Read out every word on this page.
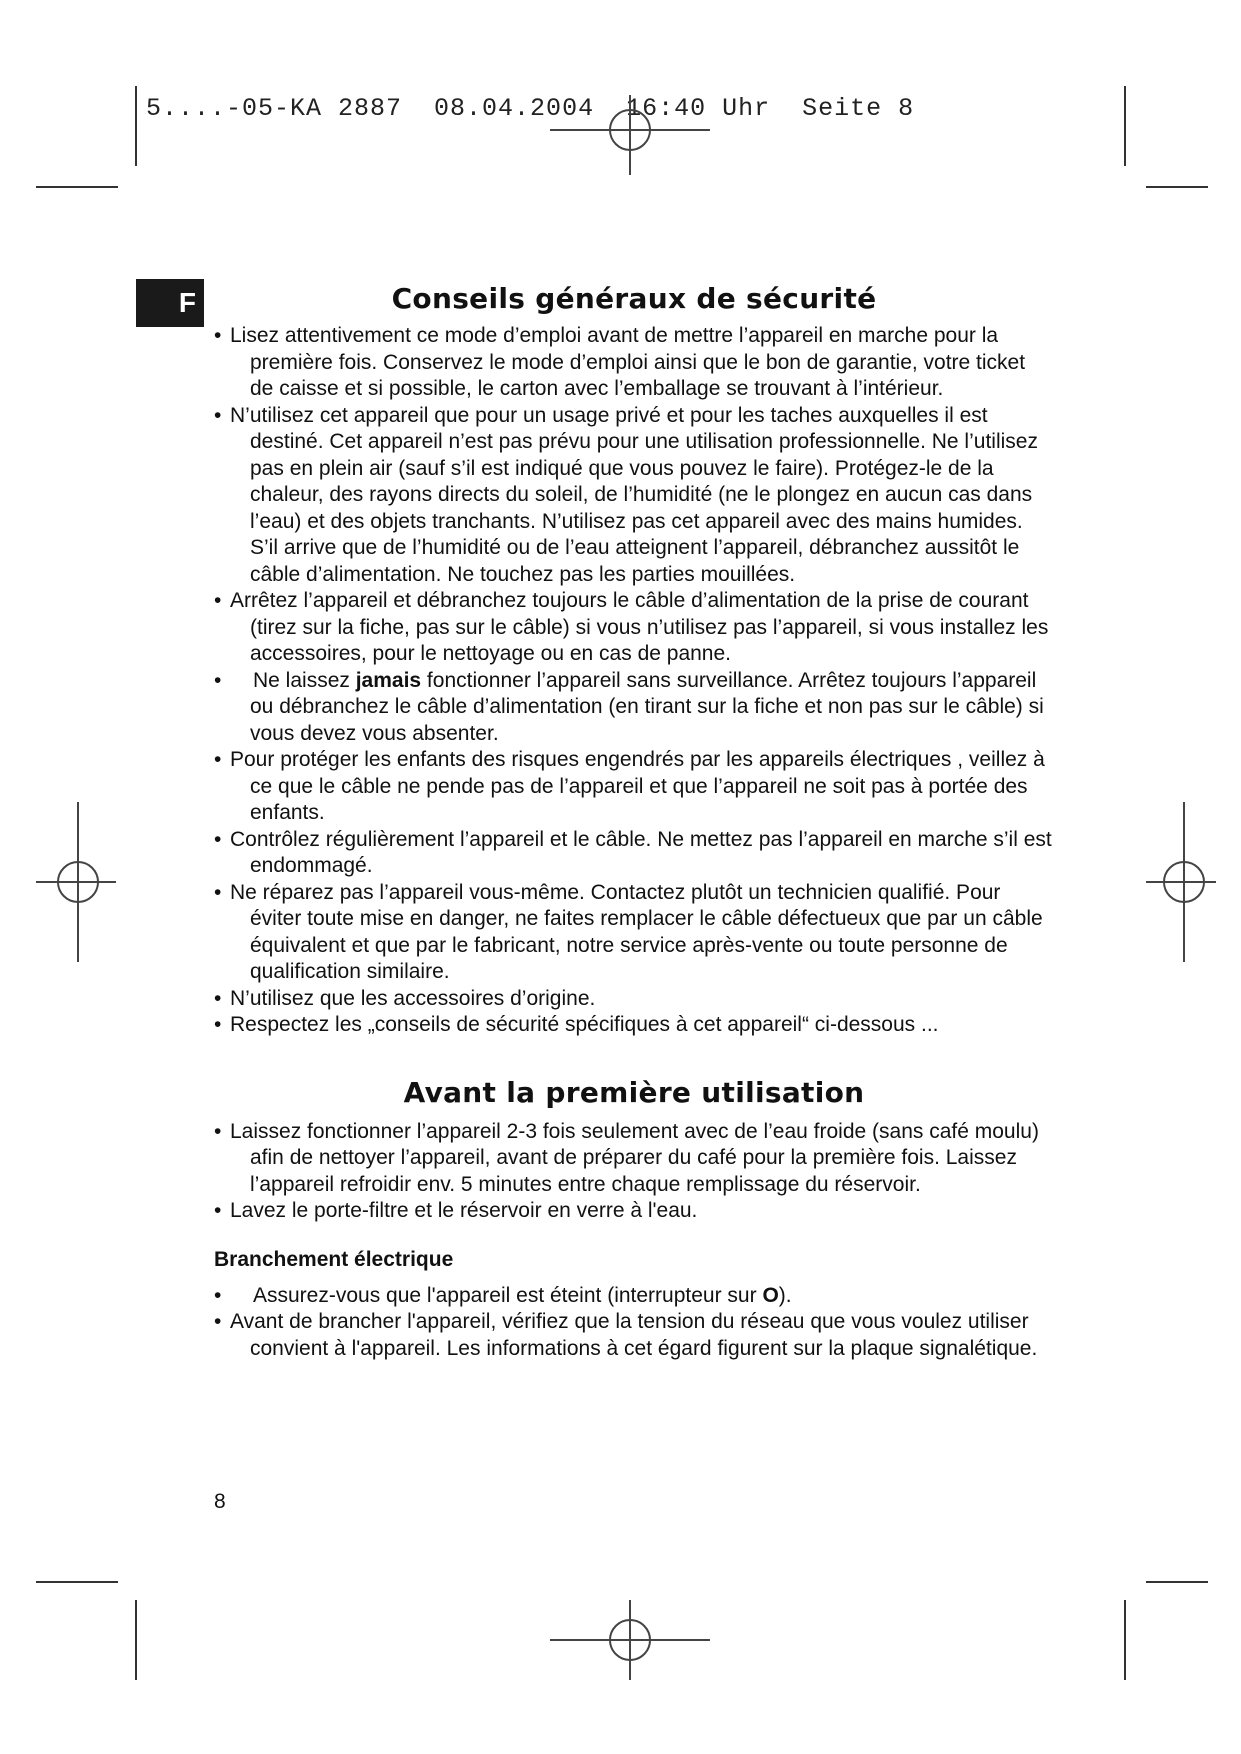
5....-05-KA 2887  08.04.2004  16:40 Uhr  Seite 8
F	Conseils généraux de sécurité
• Lisez attentivement ce mode d’emploi avant de mettre l’appareil en marche pour la première fois. Conservez le mode d’emploi ainsi que le bon de garantie, votre ticket de caisse et si possible, le carton avec l’emballage se trouvant à l’intérieur.
• N’utilisez cet appareil que pour un usage privé et pour les taches auxquelles il est destiné. Cet appareil n’est pas prévu pour une utilisation professionnelle. Ne l’utilisez pas en plein air (sauf s’il est indiqué que vous pouvez le faire). Protégez-le de la chaleur, des rayons directs du soleil, de l’humidité (ne le plongez en aucun cas dans l’eau) et des objets tranchants. N’utilisez pas cet appareil avec des mains humides. S’il arrive que de l’humidité ou de l’eau atteignent l’appareil, débranchez aussitôt le câble d’alimentation. Ne touchez pas les parties mouillées.
• Arrêtez l’appareil et débranchez toujours le câble d’alimentation de la prise de courant (tirez sur la fiche, pas sur le câble) si vous n’utilisez pas l’appareil, si vous installez les accessoires, pour le nettoyage ou en cas de panne.
• Ne laissez jamais fonctionner l’appareil sans surveillance. Arrêtez toujours l’appareil ou débranchez le câble d’alimentation (en tirant sur la fiche et non pas sur le câble) si vous devez vous absenter.
• Pour protéger les enfants des risques engendrés par les appareils électriques , veillez à ce que le câble ne pende pas de l’appareil et que l’appareil ne soit pas à portée des enfants.
• Contrôlez régulièrement l’appareil et le câble. Ne mettez pas l’appareil en marche s’il est endommagé.
• Ne réparez pas l’appareil vous-même. Contactez plutôt un technicien qualifié. Pour éviter toute mise en danger, ne faites remplacer le câble défectueux que par un câble équivalent et que par le fabricant, notre service après-vente ou toute personne de qualification similaire.
• N’utilisez que les accessoires d’origine.
• Respectez les „conseils de sécurité spécifiques à cet appareil“ ci-dessous ...
Avant la première utilisation
• Laissez fonctionner l’appareil 2-3 fois seulement avec de l’eau froide (sans café moulu) afin de nettoyer l’appareil, avant de préparer du café pour la première fois. Laissez l’appareil refroidir env. 5 minutes entre chaque remplissage du réservoir.
• Lavez le porte-filtre et le réservoir en verre à l'eau.
Branchement électrique
• Assurez-vous que l'appareil est éteint (interrupteur sur O).
• Avant de brancher l'appareil, vérifiez que la tension du réseau que vous voulez utiliser convient à l'appareil. Les informations à cet égard figurent sur la plaque signalétique.
8
